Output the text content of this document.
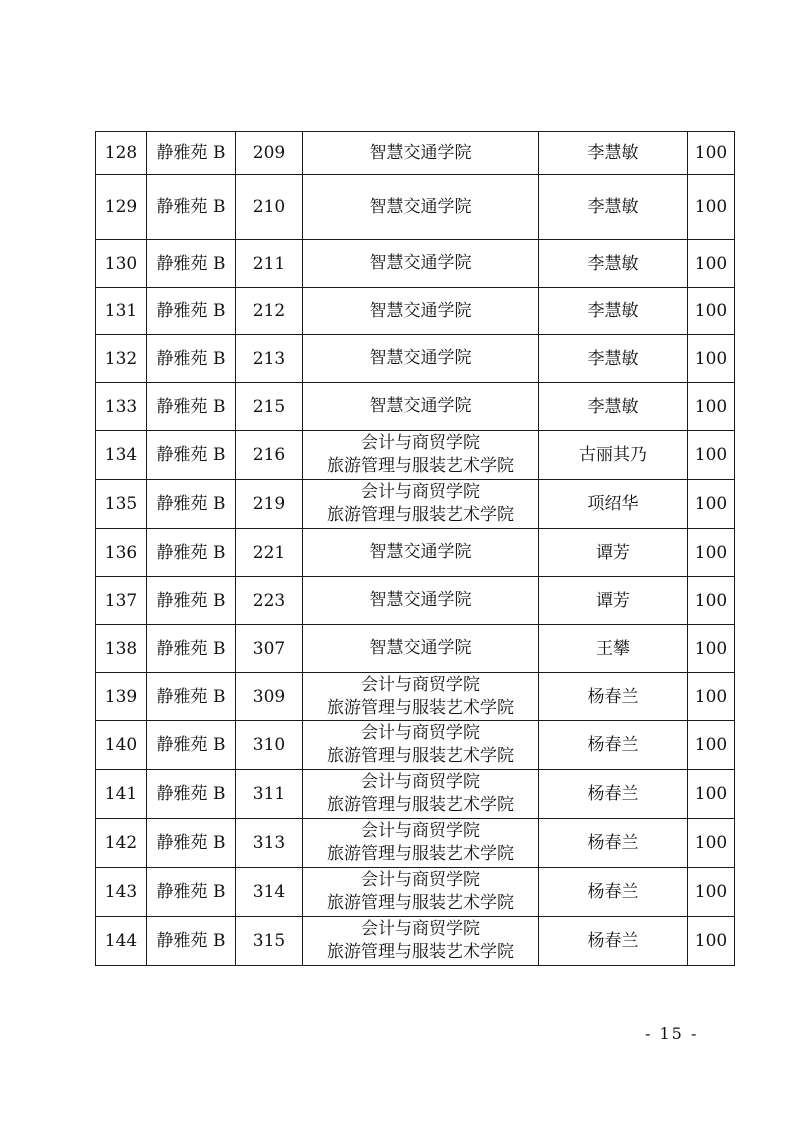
128	静雅苑 B	209	智慧交通学院	李慧敏	100
129	静雅苑 B	210	智慧交通学院	李慧敏	100
130	静雅苑 B	211	智慧交通学院	李慧敏	100
131	静雅苑 B	212	智慧交通学院	李慧敏	100
132	静雅苑 B	213	智慧交通学院	李慧敏	100
133	静雅苑 B	215	智慧交通学院	李慧敏	100
134	静雅苑 B	216	会计与商贸学院
旅游管理与服装艺术学院	古丽其乃	100
135	静雅苑 B	219	会计与商贸学院
旅游管理与服装艺术学院	项绍华	100
136	静雅苑 B	221	智慧交通学院	谭芳	100
137	静雅苑 B	223	智慧交通学院	谭芳	100
138	静雅苑 B	307	智慧交通学院	王攀	100
139	静雅苑 B	309	会计与商贸学院
旅游管理与服装艺术学院	杨春兰	100
140	静雅苑 B	310	会计与商贸学院
旅游管理与服装艺术学院	杨春兰	100
141	静雅苑 B	311	会计与商贸学院
旅游管理与服装艺术学院	杨春兰	100
142	静雅苑 B	313	会计与商贸学院
旅游管理与服装艺术学院	杨春兰	100
143	静雅苑 B	314	会计与商贸学院
旅游管理与服装艺术学院	杨春兰	100
144	静雅苑 B	315	会计与商贸学院
旅游管理与服装艺术学院	杨春兰	100
- 15 -
